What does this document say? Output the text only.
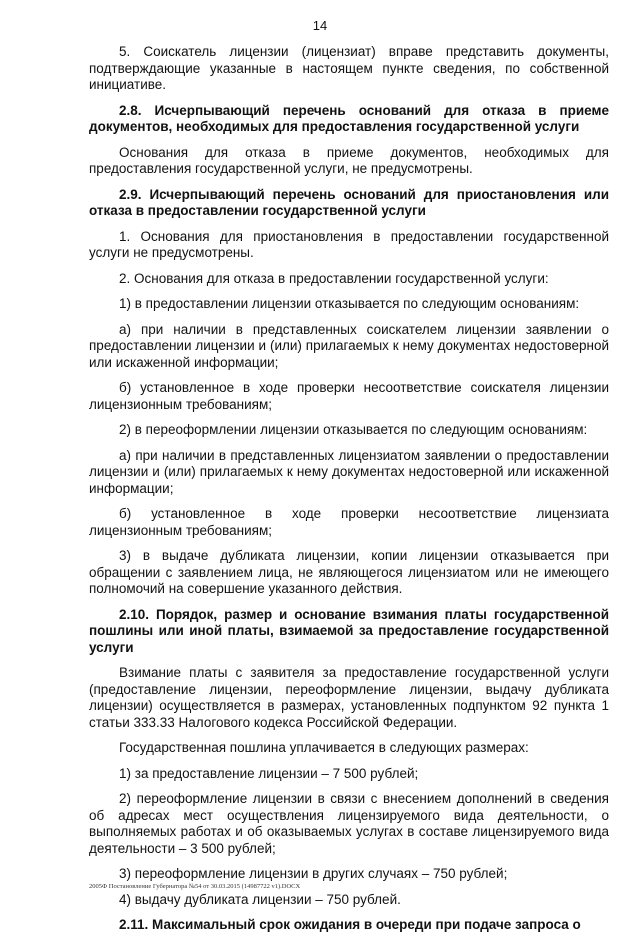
14

5. Соискатель лицензии (лицензиат) вправе представить документы, подтверждающие указанные в настоящем пункте сведения, по собственной инициативе.

2.8. Исчерпывающий перечень оснований для отказа в приеме документов, необходимых для предоставления государственной услуги

Основания для отказа в приеме документов, необходимых для предоставления государственной услуги, не предусмотрены.

2.9. Исчерпывающий перечень оснований для приостановления или отказа в предоставлении государственной услуги

1. Основания для приостановления в предоставлении государственной услуги не предусмотрены.

2. Основания для отказа в предоставлении государственной услуги:

1) в предоставлении лицензии отказывается по следующим основаниям:

а) при наличии в представленных соискателем лицензии заявлении о предоставлении лицензии и (или) прилагаемых к нему документах недостоверной или искаженной информации;

б) установленное в ходе проверки несоответствие соискателя лицензии лицензионным требованиям;

2) в переоформлении лицензии отказывается по следующим основаниям:

а) при наличии в представленных лицензиатом заявлении о предоставлении лицензии и (или) прилагаемых к нему документах недостоверной или искаженной информации;

б) установленное в ходе проверки несоответствие лицензиата лицензионным требованиям;

3) в выдаче дубликата лицензии, копии лицензии отказывается при обращении с заявлением лица, не являющегося лицензиатом или не имеющего полномочий на совершение указанного действия.

2.10. Порядок, размер и основание взимания платы государственной пошлины или иной платы, взимаемой за предоставление государственной услуги

Взимание платы с заявителя за предоставление государственной услуги (предоставление лицензии, переоформление лицензии, выдачу дубликата лицензии) осуществляется в размерах, установленных подпунктом 92 пункта 1 статьи 333.33 Налогового кодекса Российской Федерации.

Государственная пошлина уплачивается в следующих размерах:

1) за предоставление лицензии – 7 500 рублей;

2) переоформление лицензии в связи с внесением дополнений в сведения об адресах мест осуществления лицензируемого вида деятельности, о выполняемых работах и об оказываемых услугах в составе лицензируемого вида деятельности – 3 500 рублей;

3) переоформление лицензии в других случаях – 750 рублей;

4) выдачу дубликата лицензии – 750 рублей.

2.11. Максимальный срок ожидания в очереди при подаче запроса о

2005Ф Постановление Губернатора №54 от 30.03.2015 (14987722 v1).DOCX
